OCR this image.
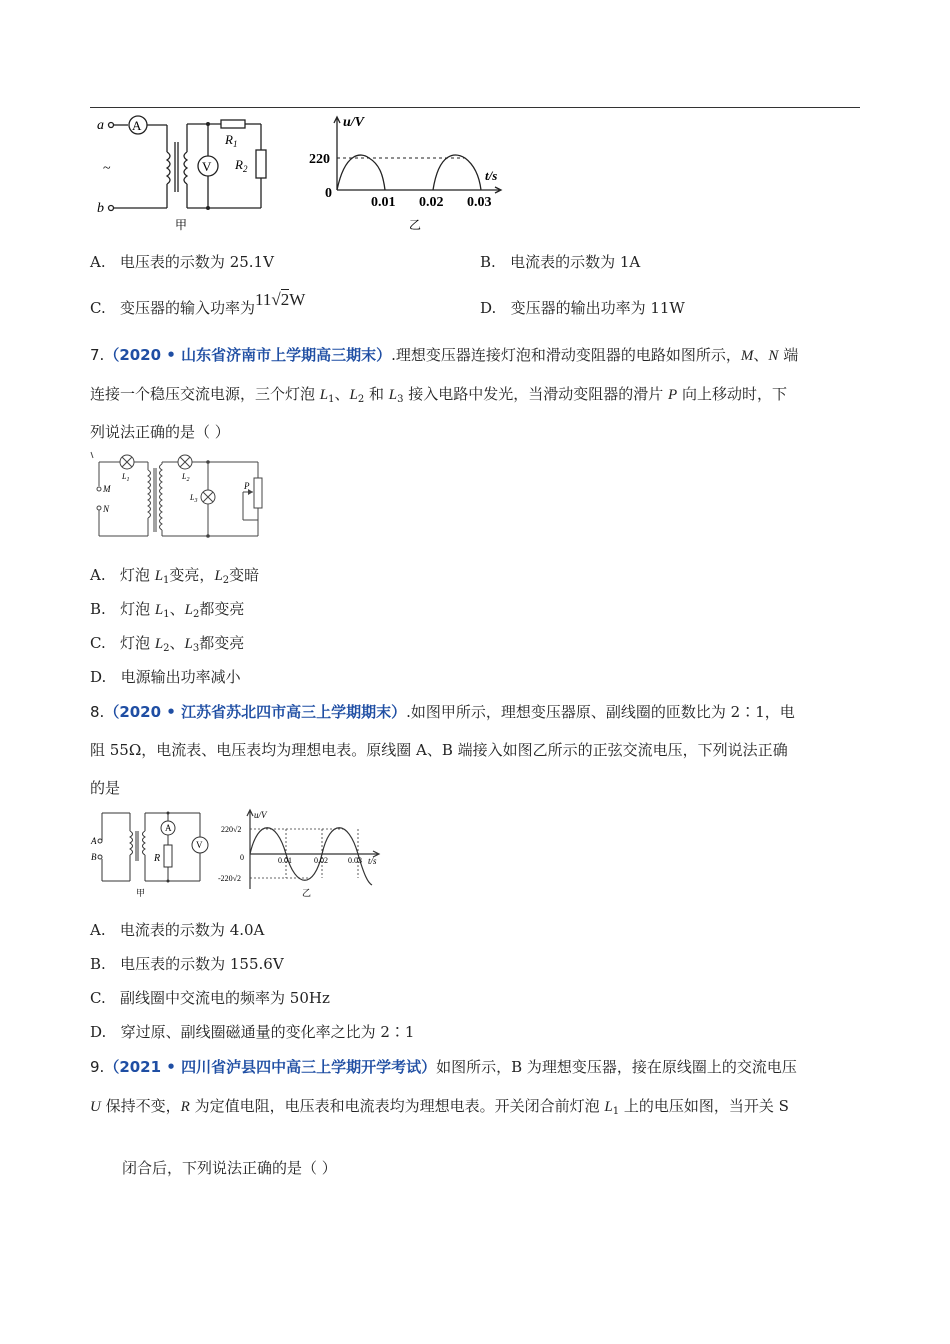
a
b
A
V
~
$R_1$
$R_2$
甲
u/V
220
0
t/s
0.01 0.02 0.03
乙
A. 电压表的示数为 25.1V	B. 电流表的示数为 1A
C. 变压器的输入功率为11√2W	D. 变压器的输出功率为 11W
7.（2020 • 山东省济南市上学期高三期末）.理想变压器连接灯泡和滑动变阻器的电路如图所示，M、N 端
连接一个稳压交流电源，三个灯泡 $L_1$、$L_2$ 和 $L_3$ 接入电路中发光，当滑动变阻器的滑片 P 向上移动时，下
列说法正确的是（ ）
M
N
$L_1$	$L_2$
$L_3$
P
A. 灯泡 $L_1$变亮，$L_2$变暗
B. 灯泡 $L_1$、$L_2$都变亮
C. 灯泡 $L_2$、$L_3$都变亮
D. 电源输出功率减小
8.（2020 • 江苏省苏北四市高三上学期期末）.如图甲所示，理想变压器原、副线圈的匝数比为 2∶1，电
阻 55Ω，电流表、电压表均为理想电表。原线圈 A、B 端接入如图乙所示的正弦交流电压，下列说法正确
的是
A
B
A
V
R
甲
u/V
220√2
0
-220√2
0.01	0.02	0.03 t/s
乙
A. 电流表的示数为 4.0A
B. 电压表的示数为 155.6V
C. 副线圈中交流电的频率为 50Hz
D. 穿过原、副线圈磁通量的变化率之比为 2∶1
9.（2021 • 四川省泸县四中高三上学期开学考试）如图所示，B 为理想变压器，接在原线圈上的交流电压
U 保持不变，R 为定值电阻，电压表和电流表均为理想电表。开关闭合前灯泡 $L_1$ 上的电压如图，当开关 S
闭合后，下列说法正确的是（ ）
